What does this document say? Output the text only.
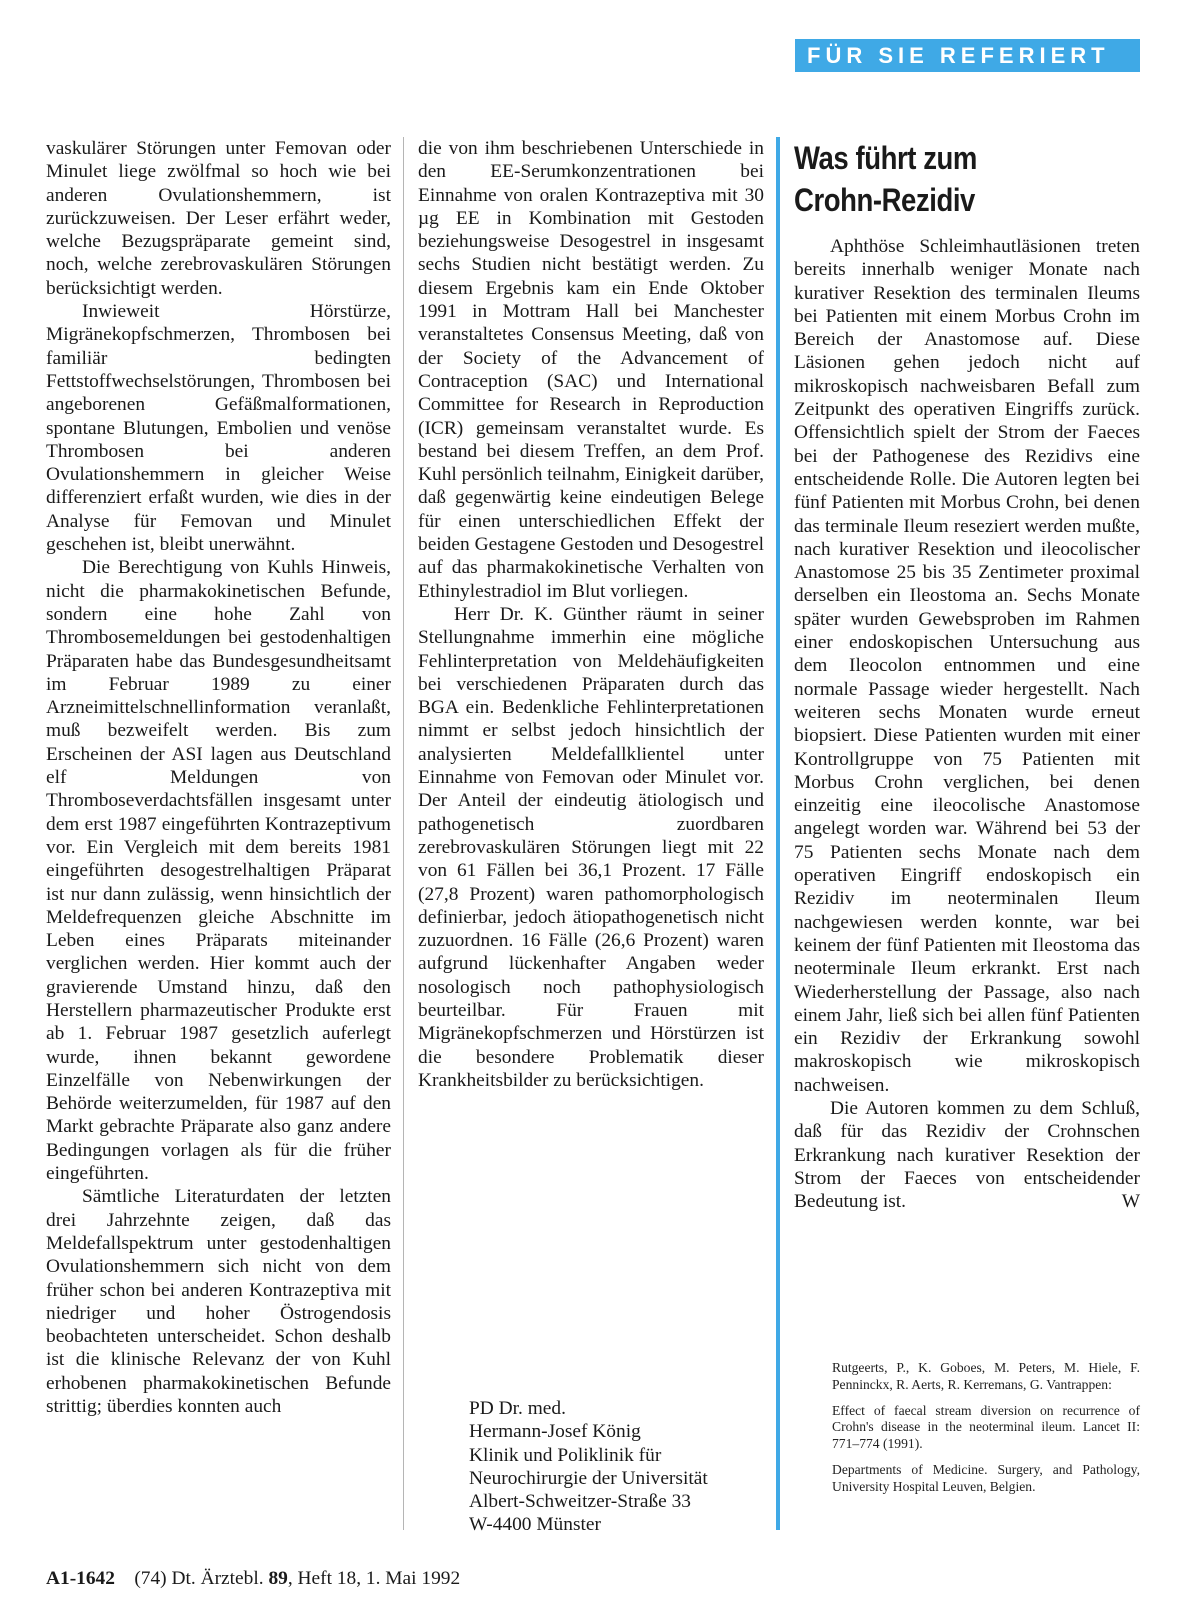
FÜR SIE REFERIERT

vaskulärer Störungen unter Femovan oder Minulet liege zwölfmal so hoch wie bei anderen Ovulationshemmern, ist zurückzuweisen. Der Leser erfährt weder, welche Bezugspräparate gemeint sind, noch, welche zerebrovaskulären Störungen berücksichtigt werden.

Inwieweit Hörstürze, Migränekopfschmerzen, Thrombosen bei familiär bedingten Fettstoffwechselstörungen, Thrombosen bei angeborenen Gefäßmalformationen, spontane Blutungen, Embolien und venöse Thrombosen bei anderen Ovulationshemmern in gleicher Weise differenziert erfaßt wurden, wie dies in der Analyse für Femovan und Minulet geschehen ist, bleibt unerwähnt.

Die Berechtigung von Kuhls Hinweis, nicht die pharmakokinetischen Befunde, sondern eine hohe Zahl von Thrombosemeldungen bei gestodenhaltigen Präparaten habe das Bundesgesundheitsamt im Februar 1989 zu einer Arzneimittelschnellinformation veranlaßt, muß bezweifelt werden. Bis zum Erscheinen der ASI lagen aus Deutschland elf Meldungen von Thromboseverdachtsfällen insgesamt unter dem erst 1987 eingeführten Kontrazeptivum vor. Ein Vergleich mit dem bereits 1981 eingeführten desogestrelhaltigen Präparat ist nur dann zulässig, wenn hinsichtlich der Meldefrequenzen gleiche Abschnitte im Leben eines Präparats miteinander verglichen werden. Hier kommt auch der gravierende Umstand hinzu, daß den Herstellern pharmazeutischer Produkte erst ab 1. Februar 1987 gesetzlich auferlegt wurde, ihnen bekannt gewordene Einzelfälle von Nebenwirkungen der Behörde weiterzumelden, für 1987 auf den Markt gebrachte Präparate also ganz andere Bedingungen vorlagen als für die früher eingeführten.

Sämtliche Literaturdaten der letzten drei Jahrzehnte zeigen, daß das Meldefallspektrum unter gestodenhaltigen Ovulationshemmern sich nicht von dem früher schon bei anderen Kontrazeptiva mit niedriger und hoher Östrogendosis beobachteten unterscheidet. Schon deshalb ist die klinische Relevanz der von Kuhl erhobenen pharmakokinetischen Befunde strittig; überdies konnten auch

die von ihm beschriebenen Unterschiede in den EE-Serumkonzentrationen bei Einnahme von oralen Kontrazeptiva mit 30 µg EE in Kombination mit Gestoden beziehungsweise Desogestrel in insgesamt sechs Studien nicht bestätigt werden. Zu diesem Ergebnis kam ein Ende Oktober 1991 in Mottram Hall bei Manchester veranstaltetes Consensus Meeting, daß von der Society of the Advancement of Contraception (SAC) und International Committee for Research in Reproduction (ICR) gemeinsam veranstaltet wurde. Es bestand bei diesem Treffen, an dem Prof. Kuhl persönlich teilnahm, Einigkeit darüber, daß gegenwärtig keine eindeutigen Belege für einen unterschiedlichen Effekt der beiden Gestagene Gestoden und Desogestrel auf das pharmakokinetische Verhalten von Ethinylestradiol im Blut vorliegen.

Herr Dr. K. Günther räumt in seiner Stellungnahme immerhin eine mögliche Fehlinterpretation von Meldehäufigkeiten bei verschiedenen Präparaten durch das BGA ein. Bedenkliche Fehlinterpretationen nimmt er selbst jedoch hinsichtlich der analysierten Meldefallklientel unter Einnahme von Femovan oder Minulet vor. Der Anteil der eindeutig ätiologisch und pathogenetisch zuordbaren zerebrovaskulären Störungen liegt mit 22 von 61 Fällen bei 36,1 Prozent. 17 Fälle (27,8 Prozent) waren pathomorphologisch definierbar, jedoch ätiopathogenetisch nicht zuzuordnen. 16 Fälle (26,6 Prozent) waren aufgrund lückenhafter Angaben weder nosologisch noch pathophysiologisch beurteilbar. Für Frauen mit Migränekopfschmerzen und Hörstürzen ist die besondere Problematik dieser Krankheitsbilder zu berücksichtigen.

PD Dr. med.
Hermann-Josef König
Klinik und Poliklinik für
Neurochirurgie der Universität
Albert-Schweitzer-Straße 33
W-4400 Münster
Was führt zum
Crohn-Rezidiv

Aphthöse Schleimhautläsionen treten bereits innerhalb weniger Monate nach kurativer Resektion des terminalen Ileums bei Patienten mit einem Morbus Crohn im Bereich der Anastomose auf. Diese Läsionen gehen jedoch nicht auf mikroskopisch nachweisbaren Befall zum Zeitpunkt des operativen Eingriffs zurück. Offensichtlich spielt der Strom der Faeces bei der Pathogenese des Rezidivs eine entscheidende Rolle. Die Autoren legten bei fünf Patienten mit Morbus Crohn, bei denen das terminale Ileum reseziert werden mußte, nach kurativer Resektion und ileocolischer Anastomose 25 bis 35 Zentimeter proximal derselben ein Ileostoma an. Sechs Monate später wurden Gewebsproben im Rahmen einer endoskopischen Untersuchung aus dem Ileocolon entnommen und eine normale Passage wieder hergestellt. Nach weiteren sechs Monaten wurde erneut biopsiert. Diese Patienten wurden mit einer Kontrollgruppe von 75 Patienten mit Morbus Crohn verglichen, bei denen einzeitig eine ileocolische Anastomose angelegt worden war. Während bei 53 der 75 Patienten sechs Monate nach dem operativen Eingriff endoskopisch ein Rezidiv im neoterminalen Ileum nachgewiesen werden konnte, war bei keinem der fünf Patienten mit Ileostoma das neoterminale Ileum erkrankt. Erst nach Wiederherstellung der Passage, also nach einem Jahr, ließ sich bei allen fünf Patienten ein Rezidiv der Erkrankung sowohl makroskopisch wie mikroskopisch nachweisen.

Die Autoren kommen zu dem Schluß, daß für das Rezidiv der Crohnschen Erkrankung nach kurativer Resektion der Strom der Faeces von entscheidender Bedeutung ist.	W

Rutgeerts, P., K. Goboes, M. Peters, M. Hiele, F. Penninckx, R. Aerts, R. Kerremans, G. Vantrappen:

Effect of faecal stream diversion on recurrence of Crohn's disease in the neoterminal ileum. Lancet II: 771–774 (1991).

Departments of Medicine. Surgery, and Pathology, University Hospital Leuven, Belgien.

A1-1642 (74) Dt. Ärztebl. 89, Heft 18, 1. Mai 1992
